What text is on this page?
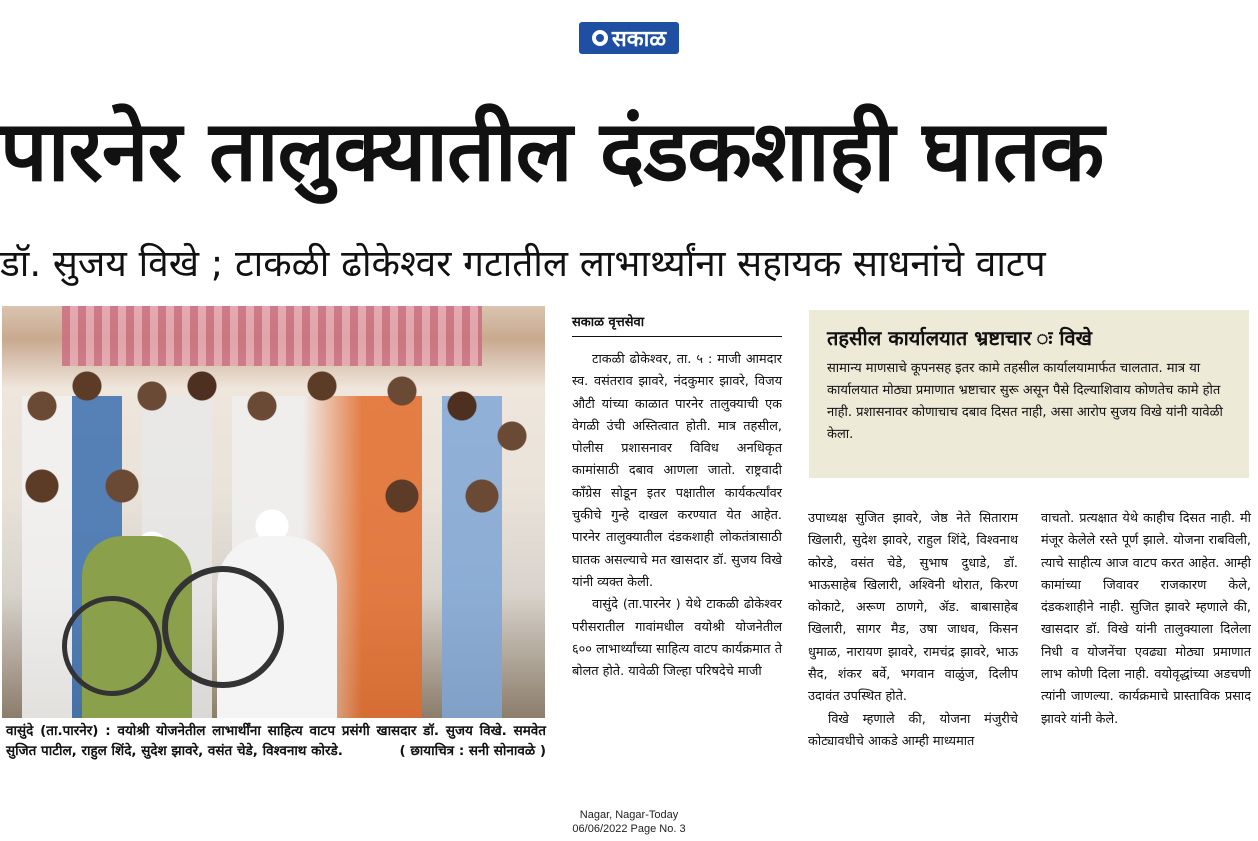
सकाळ
पारनेर तालुक्यातील दंडकशाही घातक
डॉ. सुजय विखे ; टाकळी ढोकेश्वर गटातील लाभार्थ्यांना सहायक साधनांचे वाटप
वासुंदे (ता.पारनेर) : वयोश्री योजनेतील लाभार्थींना साहित्य वाटप प्रसंगी खासदार डॉ. सुजय विखे. समवेत सुजित पाटील, राहुल शिंदे, सुदेश झावरे, वसंत चेडे, विश्वनाथ कोरडे.	( छायाचित्र : सनी सोनावळे )
सकाळ वृत्तसेवा

टाकळी ढोकेश्वर, ता. ५ : माजी आमदार स्व. वसंतराव झावरे, नंदकुमार झावरे, विजय औटी यांच्या काळात पारनेर तालुक्याची एक वेगळी उंची अस्तित्वात होती. मात्र तहसील, पोलीस प्रशासनावर विविध अनधिकृत कामांसाठी दबाव आणला जातो. राष्ट्रवादी काँग्रेस सोडून इतर पक्षातील कार्यकर्त्यांवर चुकीचे गुन्हे दाखल करण्यात येत आहेत. पारनेर तालुक्यातील दंडकशाही लोकतंत्रासाठी घातक असल्याचे मत खासदार डॉ. सुजय विखे यांनी व्यक्त केली.

वासुंदे (ता.पारनेर ) येथे टाकळी ढोकेश्वर परीसरातील गावांमधील वयोश्री योजनेतील ६०० लाभार्थ्यांच्या साहित्य वाटप कार्यक्रमात ते बोलत होते. यावेळी जिल्हा परिषदेचे माजी

तहसील कार्यालयात भ्रष्टाचार ः विखे
सामान्य माणसाचे कूपनसह इतर कामे तहसील कार्यालयामार्फत चालतात. मात्र या कार्यालयात मोठ्या प्रमाणात भ्रष्टाचार सुरू असून पैसे दिल्याशिवाय कोणतेच कामे होत नाही. प्रशासनावर कोणाचाच दबाव दिसत नाही, असा आरोप सुजय विखे यांनी यावेळी केला.

उपाध्यक्ष सुजित झावरे, जेष्ठ नेते सिताराम खिलारी, सुदेश झावरे, राहुल शिंदे, विश्वनाथ कोरडे, वसंत चेडे, सुभाष दुधाडे, डॉ. भाऊसाहेब खिलारी, अश्विनी थोरात, किरण कोकाटे, अरूण ठाणगे, ॲड. बाबासाहेब खिलारी, सागर मैड, उषा जाधव, किसन धुमाळ, नारायण झावरे, रामचंद्र झावरे, भाऊ सैद, शंकर बर्वे, भगवान वाळुंज, दिलीप उदावंत उपस्थित होते.

विखे म्हणाले की, योजना मंजुरीचे कोट्यावधीचे आकडे आम्ही माध्यमात

वाचतो. प्रत्यक्षात येथे काहीच दिसत नाही. मी मंजूर केलेले रस्ते पूर्ण झाले. योजना राबविली, त्याचे साहीत्य आज वाटप करत आहेत. आम्ही कामांच्या जिवावर राजकारण केले, दंडकशाहीने नाही. सुजित झावरे म्हणाले की, खासदार डॉ. विखे यांनी तालुक्याला दिलेला निधी व योजनेंचा एवढ्या मोठ्या प्रमाणात लाभ कोणी दिला नाही. वयोवृद्धांच्या अडचणी त्यांनी जाणल्या. कार्यक्रमाचे प्रास्ताविक प्रसाद झावरे यांनी केले.

Nagar, Nagar-Today
06/06/2022 Page No. 3
